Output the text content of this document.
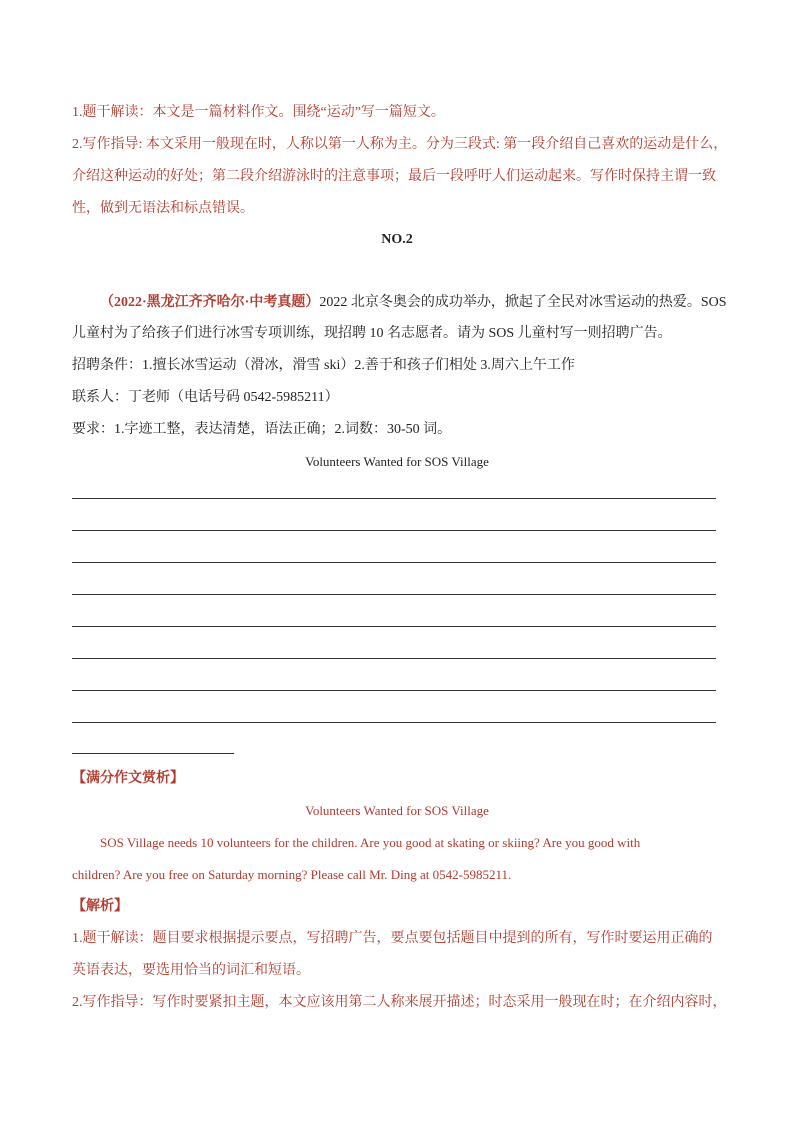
1.题干解读：本文是一篇材料作文。围绕“运动”写一篇短文。
2.写作指导: 本文采用一般现在时，人称以第一人称为主。分为三段式: 第一段介绍自己喜欢的运动是什么，
介绍这种运动的好处；第二段介绍游泳时的注意事项；最后一段呼吁人们运动起来。写作时保持主谓一致
性，做到无语法和标点错误。
NO.2
（2022·黑龙江齐齐哈尔·中考真题）2022 北京冬奥会的成功举办，掀起了全民对冰雪运动的热爱。SOS
儿童村为了给孩子们进行冰雪专项训练，现招聘 10 名志愿者。请为 SOS 儿童村写一则招聘广告。
招聘条件：1.擅长冰雪运动（滑冰，滑雪 ski）2.善于和孩子们相处 3.周六上午工作
联系人：丁老师（电话号码 0542-5985211）
要求：1.字迹工整，表达清楚，语法正确；2.词数：30-50 词。
Volunteers Wanted for SOS Village
【满分作文赏析】
Volunteers Wanted for SOS Village
SOS Village needs 10 volunteers for the children. Are you good at skating or skiing? Are you good with
children? Are you free on Saturday morning? Please call Mr. Ding at 0542-5985211.
【解析】
1.题干解读：题目要求根据提示要点，写招聘广告，要点要包括题目中提到的所有，写作时要运用正确的
英语表达，要选用恰当的词汇和短语。
2.写作指导：写作时要紧扣主题，本文应该用第二人称来展开描述；时态采用一般现在时；在介绍内容时，
